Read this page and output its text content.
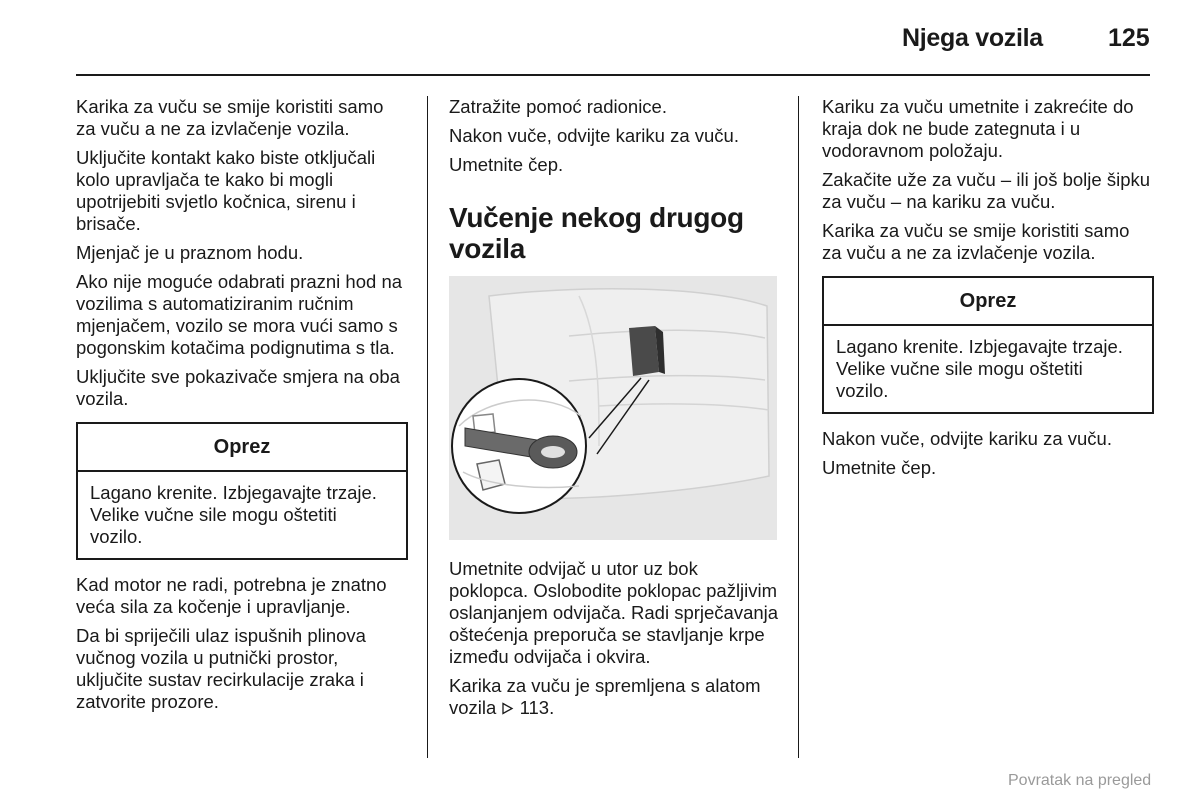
Njega vozila	125

Karika za vuču se smije koristiti samo za vuču a ne za izvlačenje vozila.

Uključite kontakt kako biste otključali kolo upravljača te kako bi mogli upotrijebiti svjetlo kočnica, sirenu i brisače.

Mjenjač je u praznom hodu.

Ako nije moguće odabrati prazni hod na vozilima s automatiziranim ručnim mjenjačem, vozilo se mora vući samo s pogonskim kotačima podignutima s tla.

Uključite sve pokazivače smjera na oba vozila.

Oprez
Lagano krenite. Izbjegavajte trzaje. Velike vučne sile mogu oštetiti vozilo.

Kad motor ne radi, potrebna je znatno veća sila za kočenje i upravljanje.

Da bi spriječili ulaz ispušnih plinova vučnog vozila u putnički prostor, uključite sustav recirkulacije zraka i zatvorite prozore.

Zatražite pomoć radionice.

Nakon vuče, odvijte kariku za vuču.

Umetnite čep.

Vučenje nekog drugog vozila

Umetnite odvijač u utor uz bok poklopca. Oslobodite poklopac pažljivim oslanjanjem odvijača. Radi sprječavanja oštećenja preporuča se stavljanje krpe između odvijača i okvira.

Karika za vuču je spremljena s alatom vozila 113.

Kariku za vuču umetnite i zakrećite do kraja dok ne bude zategnuta i u vodoravnom položaju.

Zakačite uže za vuču – ili još bolje šipku za vuču – na kariku za vuču.

Karika za vuču se smije koristiti samo za vuču a ne za izvlačenje vozila.

Oprez
Lagano krenite. Izbjegavajte trzaje. Velike vučne sile mogu oštetiti vozilo.

Nakon vuče, odvijte kariku za vuču.

Umetnite čep.

Povratak na pregled
